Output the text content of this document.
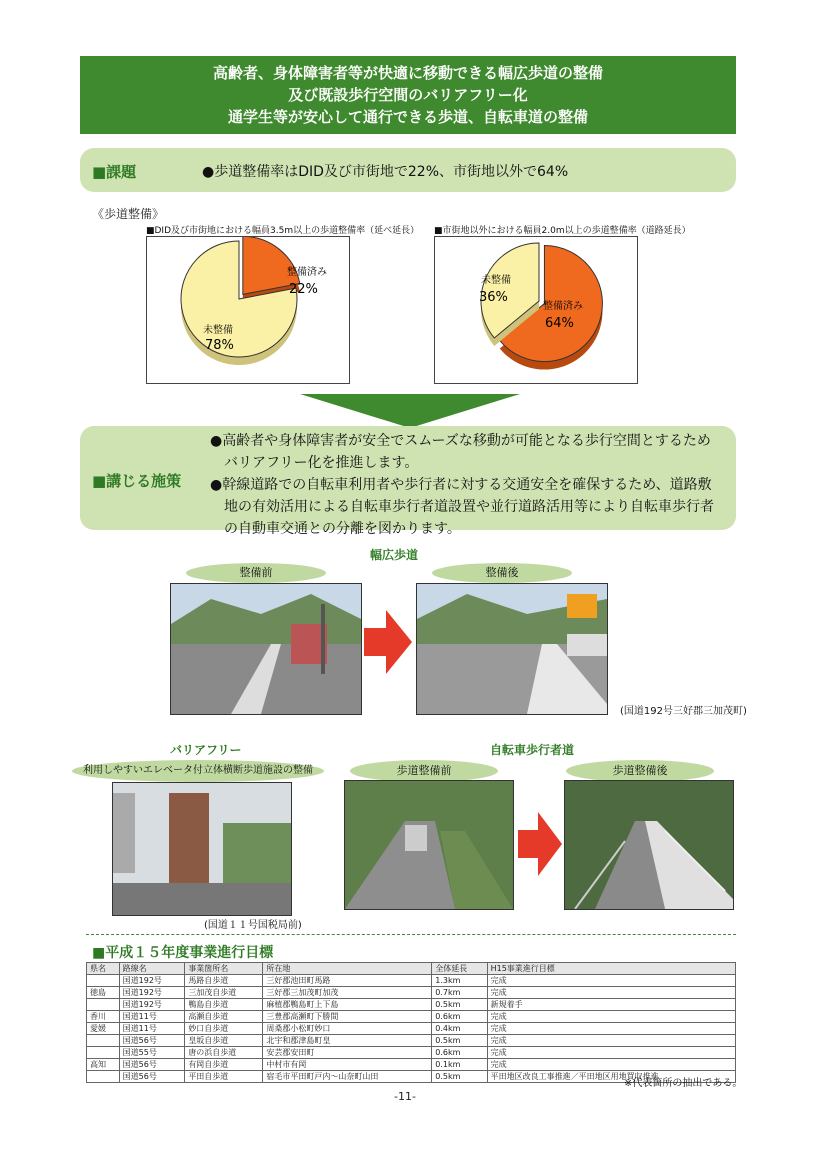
高齢者、身体障害者等が快適に移動できる幅広歩道の整備
及び既設歩行空間のバリアフリー化
通学生等が安心して通行できる歩道、自転車道の整備
■課題	●歩道整備率はDID及び市街地で22%、市街地以外で64%
《歩道整備》
■DID及び市街地における幅員3.5m以上の歩道整備率（延べ延長）
整備済み
22%
未整備
78%
■市街地以外における幅員2.0m以上の歩道整備率（道路延長）
未整備
36%
整備済み
64%
■講じる施策

●高齢者や身体障害者が安全でスムーズな移動が可能となる歩行空間とするため

　バリアフリー化を推進します。

●幹線道路での自転車利用者や歩行者に対する交通安全を確保するため、道路敷

　地の有効活用による自転車歩行者道設置や並行道路活用等により自転車歩行者

　の自動車交通との分離を図かります。

幅広歩道
整備前	整備後
(国道192号三好郡三加茂町)
バリアフリー
利用しやすいエレベータ付立体横断歩道施設の整備
(国道１１号国税局前)
自転車歩行者道
歩道整備前	歩道整備後
■平成１５年度事業進行目標
県名	路線名	事業箇所名	所在地	全体延長	H15事業進行目標
	国道192号	馬路自歩道	三好郡池田町馬路	1.3km	完成
徳島	国道192号	三加茂自歩道	三好郡三加茂町加茂	0.7km	完成
	国道192号	鴨島自歩道	麻植郡鴨島町上下島	0.5km	新規着手
香川	国道11号	高瀬自歩道	三豊郡高瀬町下勝間	0.6km	完成
愛媛	国道11号	妙口自歩道	周桑郡小松町妙口	0.4km	完成
	国道56号	皇坂自歩道	北宇和郡津島町皇	0.5km	完成
	国道55号	唐の浜自歩道	安芸郡安田町	0.6km	完成
高知	国道56号	有岡自歩道	中村市有岡	0.1km	完成
	国道56号	平田自歩道	宿毛市平田町戸内～山奈町山田	0.5km	平田地区改良工事推進／平田地区用地買収推進
※代表箇所の抽出である。
-11-
